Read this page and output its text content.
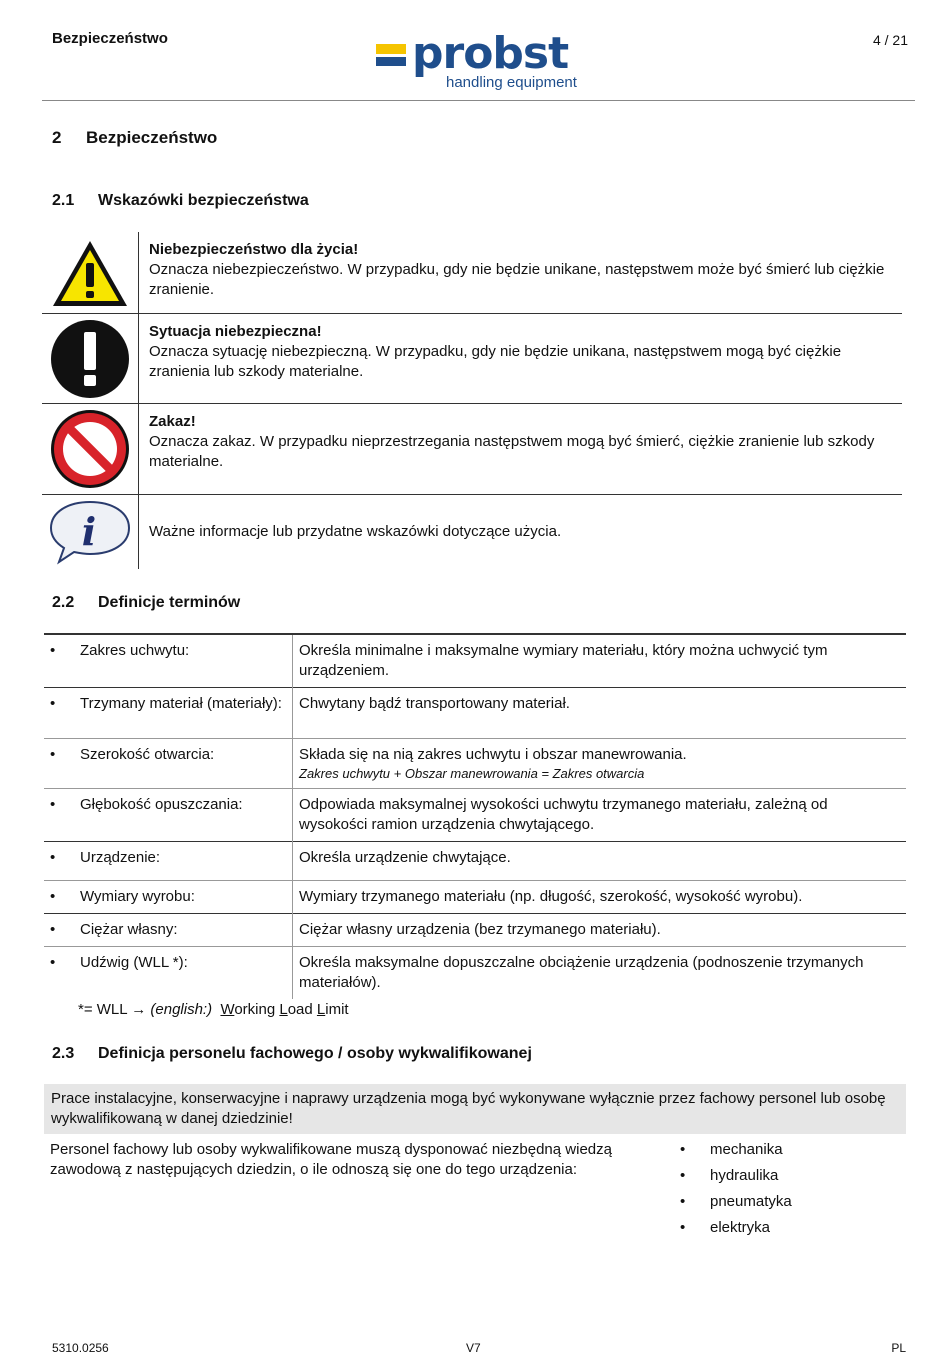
Bezpieczeństwo	probst
handling equipment
4 / 21
2 Bezpieczeństwo
2.1 Wskazówki bezpieczeństwa
Niebezpieczeństwo dla życia!
Oznacza niebezpieczeństwo. W przypadku, gdy nie będzie unikane, następstwem może być śmierć lub ciężkie zranienie.
Sytuacja niebezpieczna!
Oznacza sytuację niebezpieczną. W przypadku, gdy nie będzie unikana, następstwem mogą być ciężkie zranienia lub szkody materialne.
Zakaz!
Oznacza zakaz. W przypadku nieprzestrzegania następstwem mogą być śmierć, ciężkie zranienie lub szkody materialne.
i	Ważne informacje lub przydatne wskazówki dotyczące użycia.
2.2 Definicje terminów
• Zakres uchwytu:	Określa minimalne i maksymalne wymiary materiału, który można uchwycić tym urządzeniem.
• Trzymany materiał (materiały):	Chwytany bądź transportowany materiał.
• Szerokość otwarcia:	Składa się na nią zakres uchwytu i obszar manewrowania.
Zakres uchwytu + Obszar manewrowania = Zakres otwarcia

• Głębokość opuszczania:	Odpowiada maksymalnej wysokości uchwytu trzymanego materiału, zależną od wysokości ramion urządzenia chwytającego.
• Urządzenie:	Określa urządzenie chwytające.
• Wymiary wyrobu:	Wymiary trzymanego materiału (np. długość, szerokość, wysokość wyrobu).
• Ciężar własny:	Ciężar własny urządzenia (bez trzymanego materiału).
• Udźwig (WLL *):	Określa maksymalne dopuszczalne obciążenie urządzenia (podnoszenie trzymanych materiałów).
*= WLL → (english:) Working Load Limit
2.3 Definicja personelu fachowego / osoby wykwalifikowanej
Prace instalacyjne, konserwacyjne i naprawy urządzenia mogą być wykonywane wyłącznie przez fachowy personel lub osobę wykwalifikowaną w danej dziedzinie!
Personel fachowy lub osoby wykwalifikowane muszą dysponować niezbędną wiedzą zawodową z następujących dziedzin, o ile odnoszą się one do tego urządzenia:
• mechanika
• hydraulika
• pneumatyka
• elektryka
5310.0256	V7	PL
